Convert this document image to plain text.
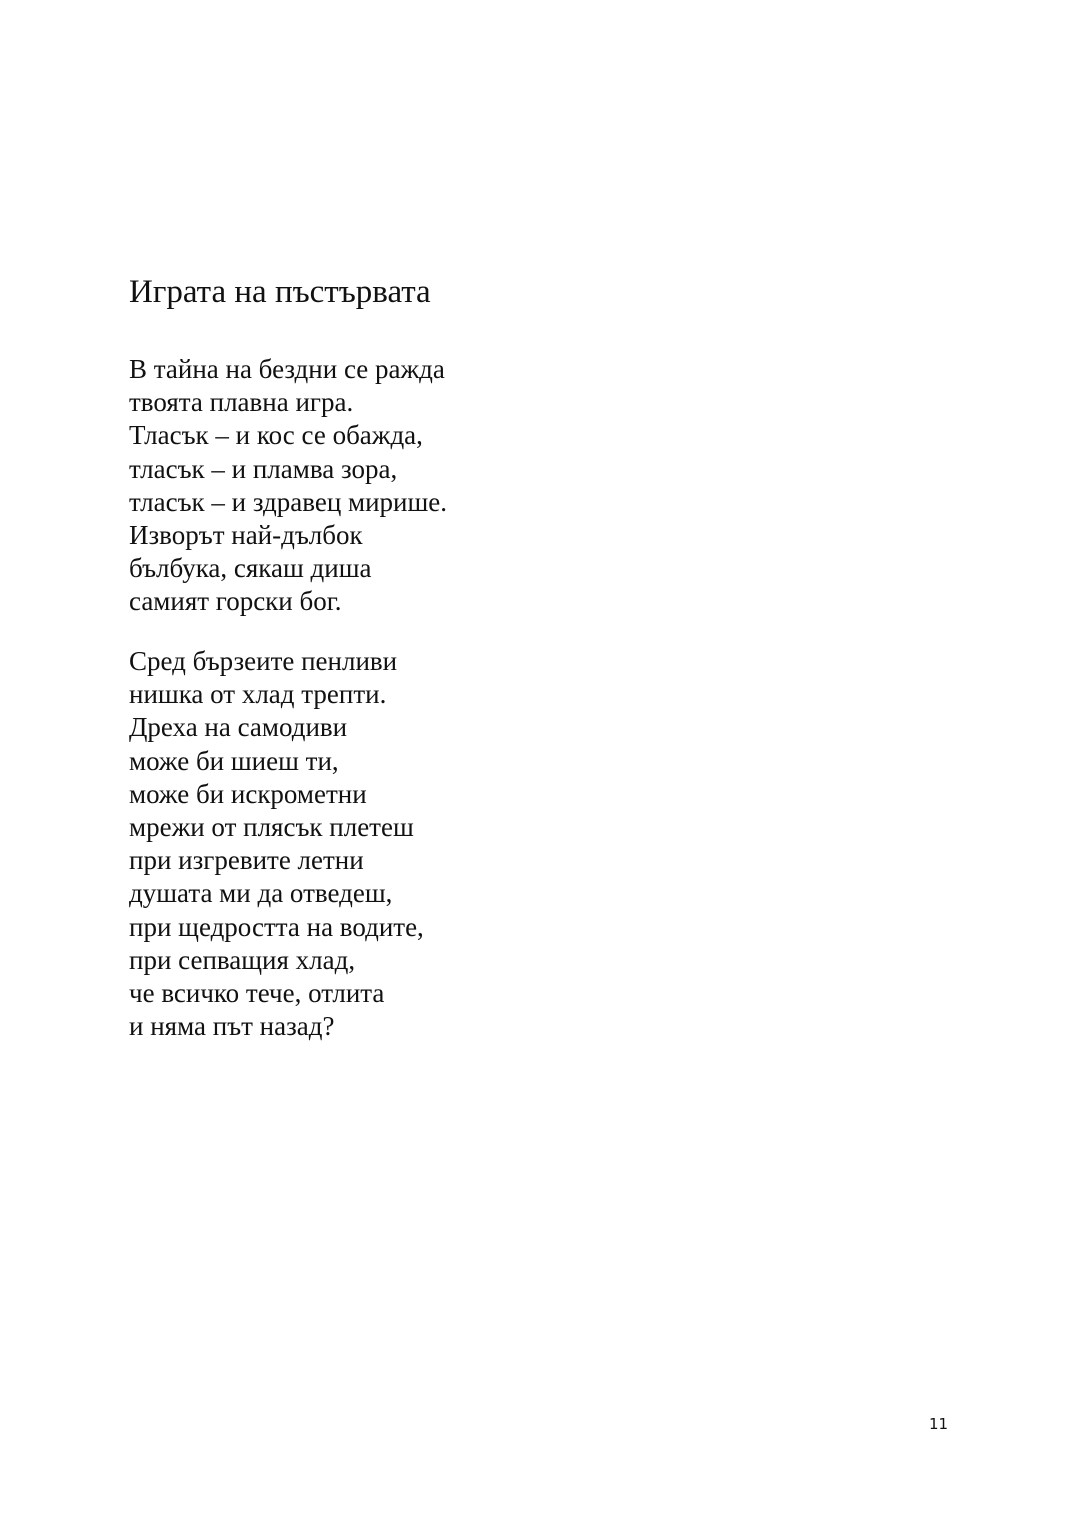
Играта на пъстървата
В тайна на бездни се ражда
твоята плавна игра.
Тласък – и кос се обажда,
тласък – и пламва зора,
тласък – и здравец мирише.
Изворът най-дълбок
бълбука, сякаш диша
самият горски бог.
Сред бързеите пенливи
нишка от хлад трепти.
Дреха на самодиви
може би шиеш ти,
може би искрометни
мрежи от плясък плетеш
при изгревите летни
душата ми да отведеш,
при щедростта на водите,
при сепващия хлад,
че всичко тече, отлита
и няма път назад?
11
